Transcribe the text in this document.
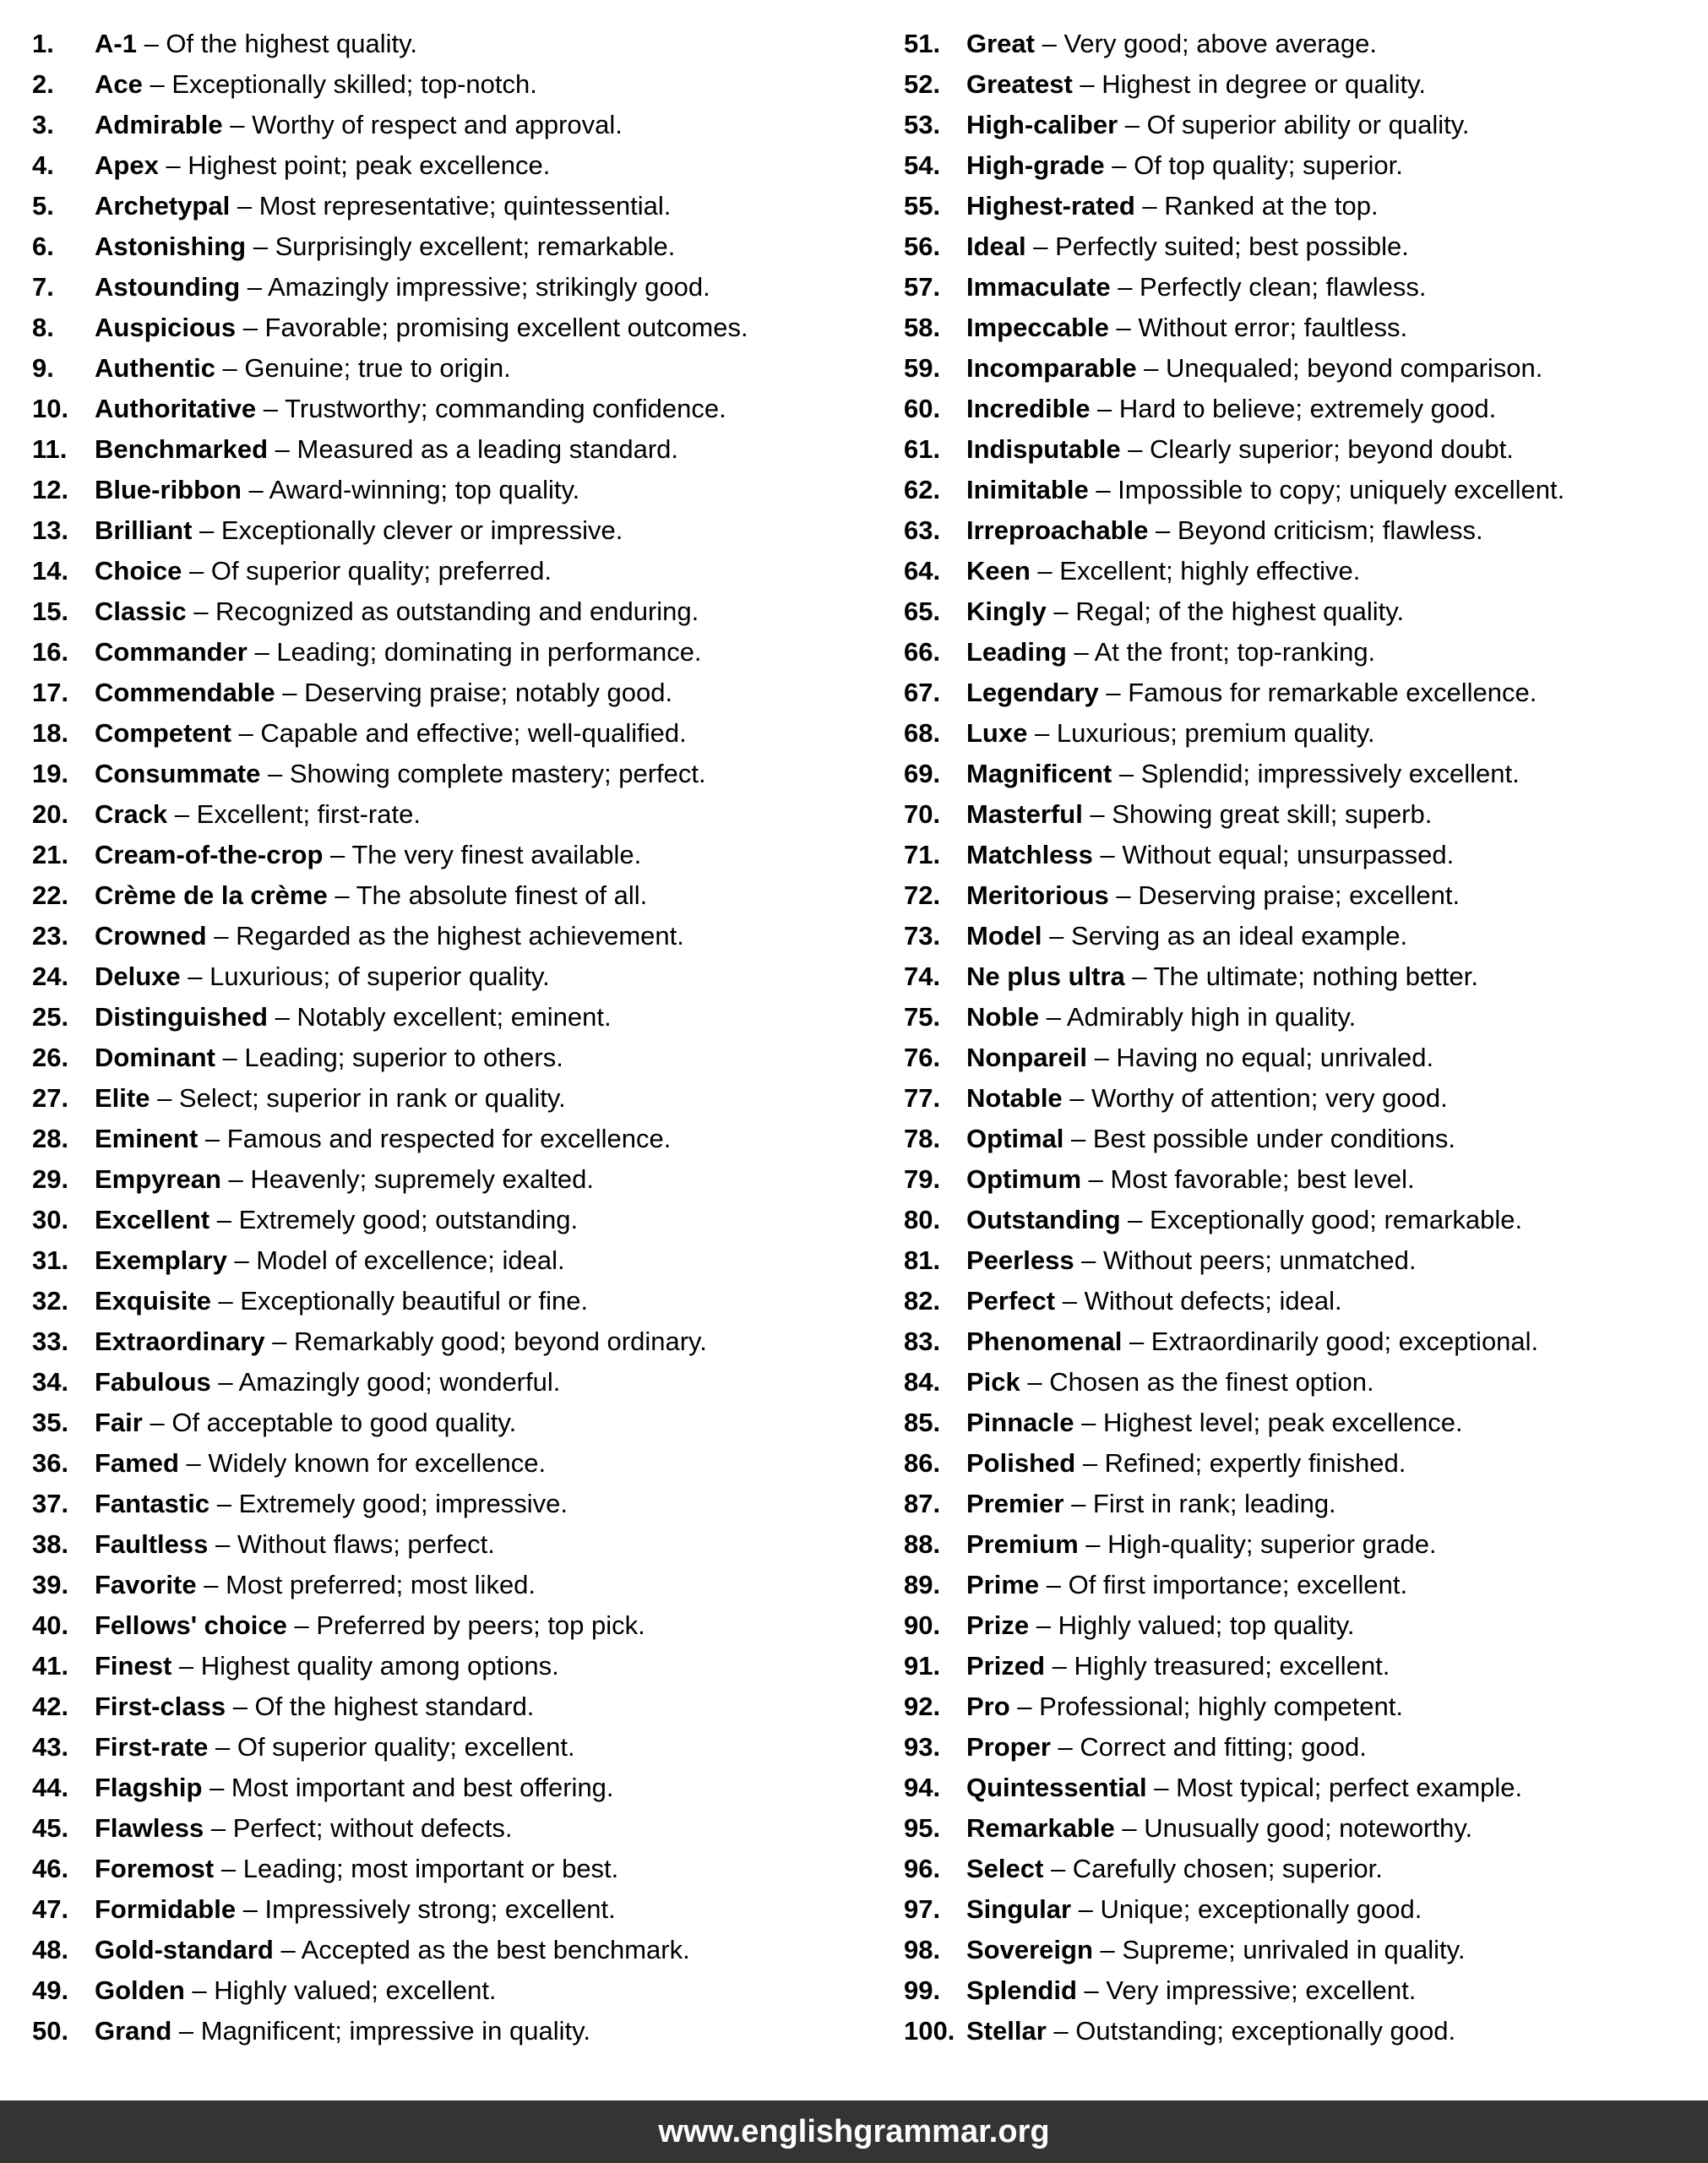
1.	A-1 – Of the highest quality.
2.	Ace – Exceptionally skilled; top-notch.
3.	Admirable – Worthy of respect and approval.
4.	Apex – Highest point; peak excellence.
5.	Archetypal – Most representative; quintessential.
6.	Astonishing – Surprisingly excellent; remarkable.
7.	Astounding – Amazingly impressive; strikingly good.
8.	Auspicious – Favorable; promising excellent outcomes.
9.	Authentic – Genuine; true to origin.
10. Authoritative – Trustworthy; commanding confidence.
11.	Benchmarked – Measured as a leading standard.
12. Blue-ribbon – Award-winning; top quality.
13. Brilliant – Exceptionally clever or impressive.
14. Choice – Of superior quality; preferred.
15. Classic – Recognized as outstanding and enduring.
16. Commander – Leading; dominating in performance.
17. Commendable – Deserving praise; notably good.
18. Competent – Capable and effective; well-qualified.
19. Consummate – Showing complete mastery; perfect.
20. Crack – Excellent; first-rate.
21. Cream-of-the-crop – The very finest available.
22. Crème de la crème – The absolute finest of all.
23. Crowned – Regarded as the highest achievement.
24. Deluxe – Luxurious; of superior quality.
25. Distinguished – Notably excellent; eminent.
26. Dominant – Leading; superior to others.
27. Elite – Select; superior in rank or quality.
28. Eminent – Famous and respected for excellence.
29. Empyrean – Heavenly; supremely exalted.
30. Excellent – Extremely good; outstanding.
31. Exemplary – Model of excellence; ideal.
32. Exquisite – Exceptionally beautiful or fine.
33. Extraordinary – Remarkably good; beyond ordinary.
34. Fabulous – Amazingly good; wonderful.
35. Fair – Of acceptable to good quality.
36. Famed – Widely known for excellence.
37. Fantastic – Extremely good; impressive.
38. Faultless – Without flaws; perfect.
39. Favorite – Most preferred; most liked.
40. Fellows' choice – Preferred by peers; top pick.
41. Finest – Highest quality among options.
42. First-class – Of the highest standard.
43. First-rate – Of superior quality; excellent.
44. Flagship – Most important and best offering.
45. Flawless – Perfect; without defects.
46. Foremost – Leading; most important or best.
47. Formidable – Impressively strong; excellent.
48. Gold-standard – Accepted as the best benchmark.
49. Golden – Highly valued; excellent.
50. Grand – Magnificent; impressive in quality.
51. Great – Very good; above average.
52. Greatest – Highest in degree or quality.
53. High-caliber – Of superior ability or quality.
54. High-grade – Of top quality; superior.
55. Highest-rated – Ranked at the top.
56. Ideal – Perfectly suited; best possible.
57. Immaculate – Perfectly clean; flawless.
58. Impeccable – Without error; faultless.
59. Incomparable – Unequaled; beyond comparison.
60. Incredible – Hard to believe; extremely good.
61. Indisputable – Clearly superior; beyond doubt.
62. Inimitable – Impossible to copy; uniquely excellent.
63. Irreproachable – Beyond criticism; flawless.
64. Keen – Excellent; highly effective.
65. Kingly – Regal; of the highest quality.
66. Leading – At the front; top-ranking.
67. Legendary – Famous for remarkable excellence.
68. Luxe – Luxurious; premium quality.
69. Magnificent – Splendid; impressively excellent.
70. Masterful – Showing great skill; superb.
71. Matchless – Without equal; unsurpassed.
72. Meritorious – Deserving praise; excellent.
73. Model – Serving as an ideal example.
74. Ne plus ultra – The ultimate; nothing better.
75. Noble – Admirably high in quality.
76. Nonpareil – Having no equal; unrivaled.
77. Notable – Worthy of attention; very good.
78. Optimal – Best possible under conditions.
79. Optimum – Most favorable; best level.
80. Outstanding – Exceptionally good; remarkable.
81. Peerless – Without peers; unmatched.
82. Perfect – Without defects; ideal.
83. Phenomenal – Extraordinarily good; exceptional.
84. Pick – Chosen as the finest option.
85. Pinnacle – Highest level; peak excellence.
86. Polished – Refined; expertly finished.
87. Premier – First in rank; leading.
88. Premium – High-quality; superior grade.
89. Prime – Of first importance; excellent.
90. Prize – Highly valued; top quality.
91. Prized – Highly treasured; excellent.
92. Pro – Professional; highly competent.
93. Proper – Correct and fitting; good.
94. Quintessential – Most typical; perfect example.
95. Remarkable – Unusually good; noteworthy.
96. Select – Carefully chosen; superior.
97. Singular – Unique; exceptionally good.
98. Sovereign – Supreme; unrivaled in quality.
99. Splendid – Very impressive; excellent.
100. Stellar – Outstanding; exceptionally good.
www.englishgrammar.org
